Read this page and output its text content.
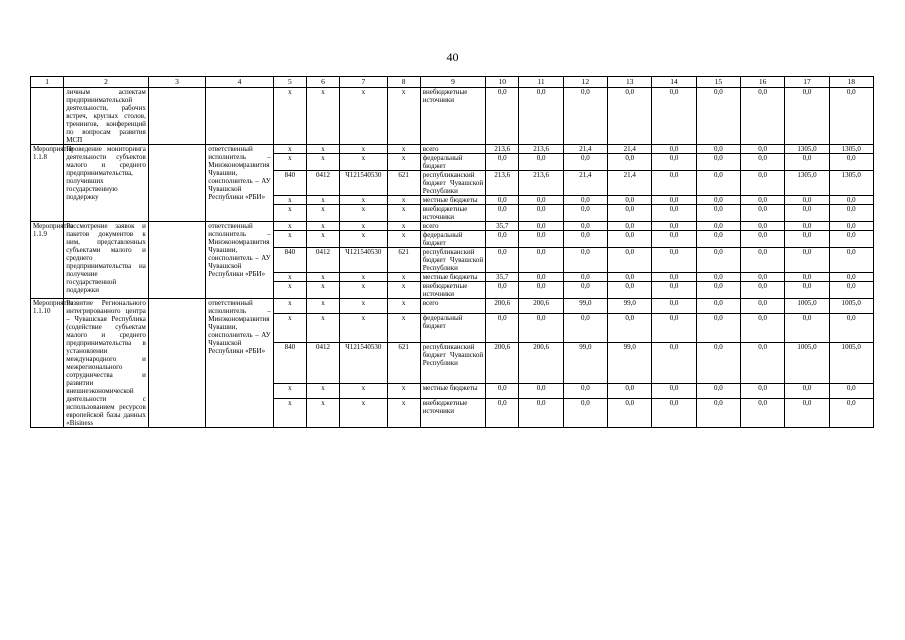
40
1	2	3	4	5	6	7	8	9	10	11	12	13	14	15	16	17	18
	личным аспектам предпринимательской деятельности, рабочих встреч, круглых столов, тренингов, конференций по вопросам развития МСП			x	x	x	x	внебюджетные источники	0,0	0,0	0,0	0,0	0,0	0,0	0,0	0,0	0,0
Мероприятие 1.1.8	Проведение мониторинга деятельности субъектов малого и среднего предпринимательства, получивших государственную поддержку		ответственный исполнитель – Минэкономразвития Чувашии, соисполнитель – АУ Чувашской Республики «РБИ»	x	x	x	x	всего	213,6	213,6	21,4	21,4	0,0	0,0	0,0	1305,0	1305,0
				x	x	x	x	федеральный бюджет	0,0	0,0	0,0	0,0	0,0	0,0	0,0	0,0	0,0
				840	0412	Ч121540530	621	республиканский бюджет Чувашской Республики	213,6	213,6	21,4	21,4	0,0	0,0	0,0	1305,0	1305,0
				x	x	x	x	местные бюджеты	0,0	0,0	0,0	0,0	0,0	0,0	0,0	0,0	0,0
				x	x	x	x	внебюджетные источники	0,0	0,0	0,0	0,0	0,0	0,0	0,0	0,0	0,0
Мероприятие 1.1.9	Рассмотрение заявок и пакетов документов к ним, представленных субъектами малого и среднего предпринимательства на получение государственной поддержки		ответственный исполнитель – Минэкономразвития Чувашии, соисполнитель – АУ Чувашской Республики «РБИ»	x	x	x	x	всего	35,7	0,0	0,0	0,0	0,0	0,0	0,0	0,0	0,0
				x	x	x	x	федеральный бюджет	0,0	0,0	0,0	0,0	0,0	0,0	0,0	0,0	0,0
				840	0412	Ч121540530	621	республиканский бюджет Чувашской Республики	0,0	0,0	0,0	0,0	0,0	0,0	0,0	0,0	0,0
				x	x	x	x	местные бюджеты	35,7	0,0	0,0	0,0	0,0	0,0	0,0	0,0	0,0
				x	x	x	x	внебюджетные источники	0,0	0,0	0,0	0,0	0,0	0,0	0,0	0,0	0,0
Мероприятие 1.1.10	Развитие Регионального интегрированного центра – Чувашская Республика (содействие субъектам малого и среднего предпринимательства в установлении международного и межрегионального сотрудничества и развитии внешнеэкономической деятельности с использованием ресурсов европейской базы данных «Bisiness		ответственный исполнитель – Минэкономразвития Чувашии, соисполнитель – АУ Чувашской Республики «РБИ»	x	x	x	x	всего	200,6	200,6	99,0	99,0	0,0	0,0	0,0	1005,0	1005,0
				x	x	x	x	федеральный бюджет	0,0	0,0	0,0	0,0	0,0	0,0	0,0	0,0	0,0
				840	0412	Ч121540530	621	республиканский бюджет Чувашской Республики	200,6	200,6	99,0	99,0	0,0	0,0	0,0	1005,0	1005,0
				x	x	x	x	местные бюджеты	0,0	0,0	0,0	0,0	0,0	0,0	0,0	0,0	0,0
				x	x	x	x	внебюджетные источники	0,0	0,0	0,0	0,0	0,0	0,0	0,0	0,0	0,0
